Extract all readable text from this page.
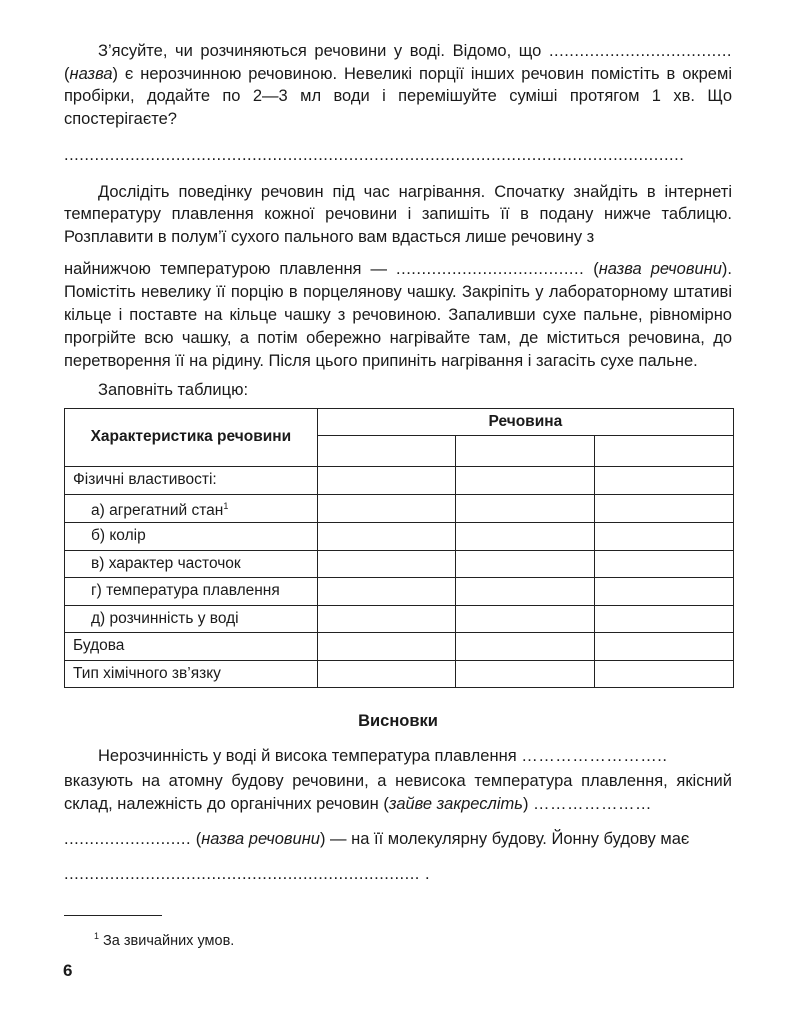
З’ясуйте, чи розчиняються речовини у воді. Відомо, що .................................... (назва) є нерозчинною речовиною. Невеликі порції інших речовин помістіть в окремі пробірки, додайте по 2—3 мл води і перемішуйте суміші протягом 1 хв. Що спостерігаєте?

..........................................................................................................................

Дослідіть поведінку речовин під час нагрівання. Спочатку знайдіть в інтернеті температуру плавлення кожної речовини і запишіть її в подану нижче таблицю. Розплавити в полум’ї сухого пального вам вдасться лише речовину з

найнижчою температурою плавлення — ..................................... (назва речовини). Помістіть невелику її порцію в порцелянову чашку. Закріпіть у лабораторному штативі кільце і поставте на кільце чашку з речовиною. Запаливши сухе пальне, рівномірно прогрійте всю чашку, а потім обережно нагрівайте там, де міститься речовина, до перетворення її на рідину. Після цього припиніть нагрівання і загасіть сухе пальне.

Заповніть таблицю:

Характеристика речовини	Речовина		

Фізичні властивості:			
а) агрегатний стан$^1$			
б) колір			
в) характер часточок			
г) температура плавлення			
д) розчинність у воді			
Будова			
Тип хімічного зв’язку			
Висновки

Нерозчинність у воді й висока температура плавлення ……………………..

вказують на атомну будову речовини, а невисока температура плавлення, якісний склад, належність до органічних речовин (зайве закресліть) …………………

......................... (назва речовини) — на її молекулярну будову. Йонну будову має

...................................................................... .

$^1$ За звичайних умов.
6
